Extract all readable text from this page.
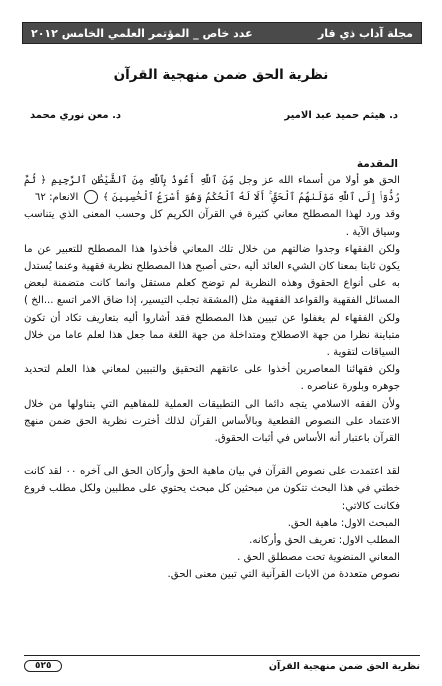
مجلة آداب ذي قار
عدد خاص _ المؤتمر العلمي الخامس ٢٠١٢
نظرية الحق ضمن منهجية القرآن
د. هيثم حميد عبد الامير
د. معن نوري محمد
المقدمة

الحق هو أولا من أسماء الله عز وجل مِّنَ ٱللَّهِ أَعُوذُ بِٱللَّهِ مِنَ ٱلشَّيْطَٰنِ ٱلرَّجِيمِ ﴿ ثُمَّ رُدُّوٓا۟ إِلَى ٱللَّهِ مَوْلَىٰهُمُ ٱلْحَقِّ ۚ أَلَا لَهُ ٱلْحُكْمُ وَهُوَ أَسْرَعُ ٱلْحَٰسِبِينَ ﴾  الانعام: ٦٢

وقد ورد لهذا المصطلح معاني كثيرة في القرآن الكريم كل وحسب المعنى الذي يتناسب وسياق الآية .

ولكن الفقهاء وجدوا ضالتهم من خلال تلك المعاني فأخذوا هذا المصطلح للتعبير عن ما يكون ثابتا بمعنا كان الشيء العائد أليه ،حتى أصبح هذا المصطلح نظرية فقهية وعنما يُستدل به على أنواع الحقوق وهذه النظرية لم توضح كعلم مستقل وانما كانت متضمنة لبعض المسائل الفقهية والقواعد الفقهية مثل (المشقة تجلب التيسير، إذا ضاق الامر اتسع ...الخ ) ولكن الفقهاء لم يغفلوا عن تبيين هذا المصطلح فقد أشاروا أليه بتعاريف تكاد أن تكون متباينة نظرا من جهة الاصطلاح ومتداخلة من جهة اللغة مما جعل هذا لعلم عاما من خلال السياقات لتقوية .

ولكن فقهائنا المعاصرين أخذوا على عاتقهم التحقيق والتبيين لمعاني هذا العلم لتحديد جوهره وبلورة عناصره .

ولأن الفقه الاسلامي يتجه دائما الى التطبيقات العملية للمفاهيم التي يتناولها من خلال الاعتماد على النصوص القطعية وبالأساس القرآن لذلك أخترت نظرية الحق ضمن منهج القرآن باعتبار أنه الأساس في أثبات الحقوق.

لقد اعتمدت على نصوص القرآن في بيان ماهية الحق وأركان الحق الى آخره ٠٠ لقد كانت خطتي في هذا البحث تتكون من مبحثين كل مبحث يحتوي على مطلبين ولكل مطلب فروع فكانت كالاتي:

المبحث الاول: ماهية الحق.

المطلب الاول: تعريف الحق وأركانه.

المعاني المنضوية تحت مصطلق الحق .

نصوص متعددة من الايات القرآنية التي تبين معنى الحق.

نظرية الحق ضمن منهجية القرآن
٥٢٥
